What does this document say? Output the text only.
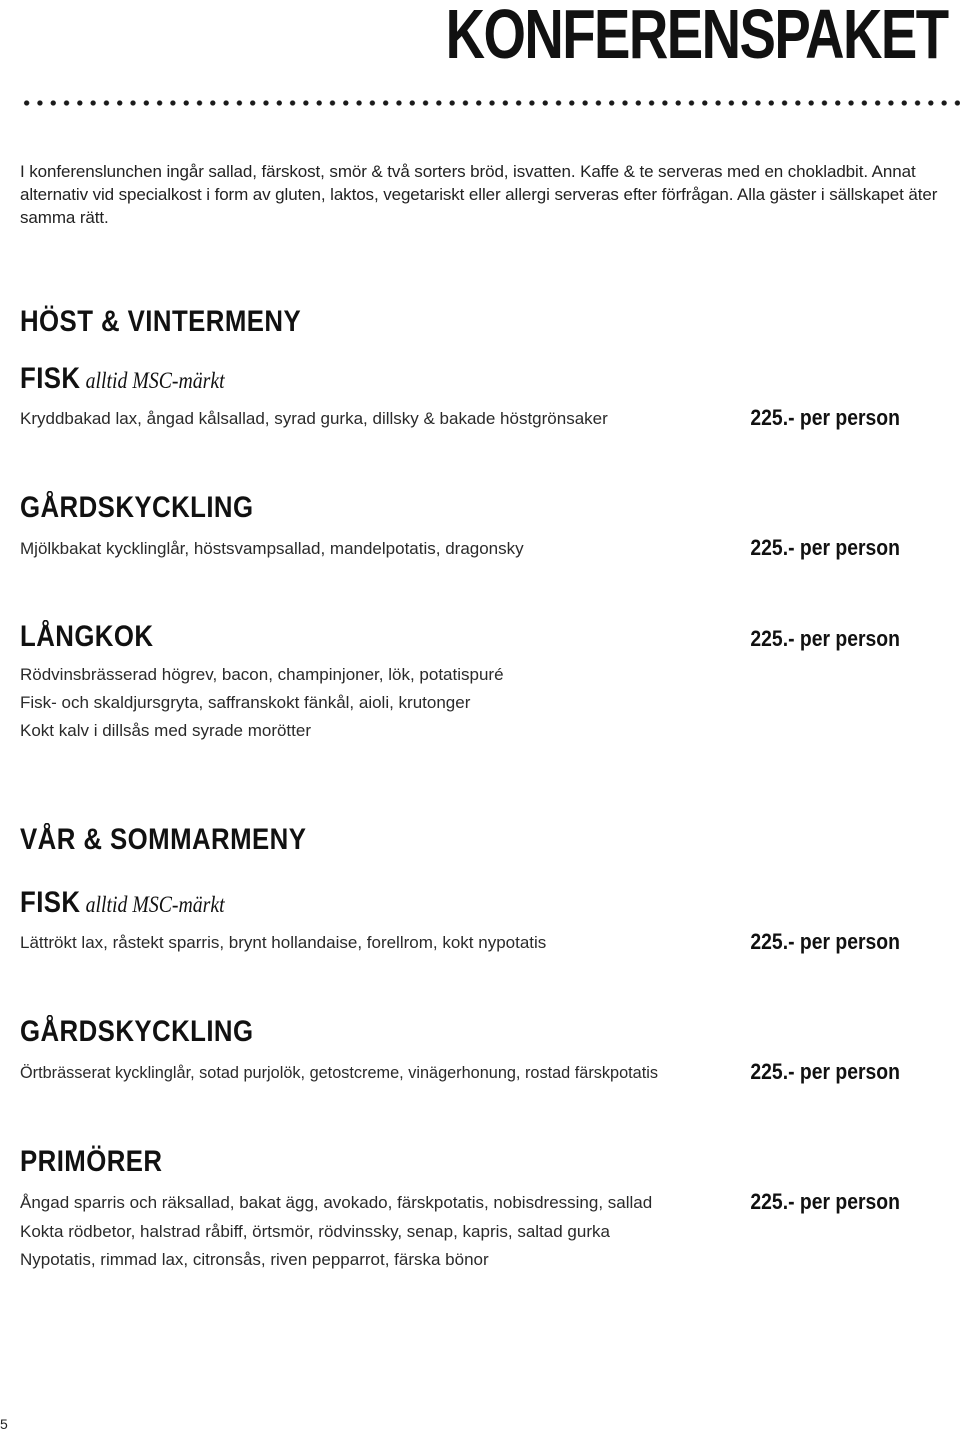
KONFERENSPAKET

I konferenslunchen ingår sallad, färskost, smör & två sorters bröd, isvatten. Kaffe & te serveras med en chokladbit. Annat alternativ vid specialkost i form av gluten, laktos, vegetariskt eller allergi serveras efter förfrågan. Alla gäster i sällskapet äter samma rätt.

HÖST & VINTERMENY
FISK alltid MSC-märkt

Kryddbakad lax, ångad kålsallad, syrad gurka, dillsky & bakade höstgrönsaker	225.- per person

GÅRDSKYCKLING

Mjölkbakat kycklinglår, höstsvampsallad, mandelpotatis, dragonsky	225.- per person

LÅNGKOK	225.- per person

Rödvinsbrässerad högrev, bacon, champinjoner, lök, potatispuré

Fisk- och skaldjursgryta, saffranskokt fänkål, aioli, krutonger

Kokt kalv i dillsås med syrade morötter

VÅR & SOMMARMENY
FISK alltid MSC-märkt

Lättrökt lax, råstekt sparris, brynt hollandaise, forellrom, kokt nypotatis	225.- per person

GÅRDSKYCKLING

Örtbrässerat kycklinglår, sotad purjolök, getostcreme, vinägerhonung, rostad färskpotatis	225.- per person

PRIMÖRER

Ångad sparris och räksallad, bakat ägg, avokado, färskpotatis, nobisdressing, sallad	225.- per person

Kokta rödbetor, halstrad råbiff, örtsmör, rödvinssky, senap, kapris, saltad gurka

Nypotatis, rimmad lax, citronsås, riven pepparrot, färska bönor

5
